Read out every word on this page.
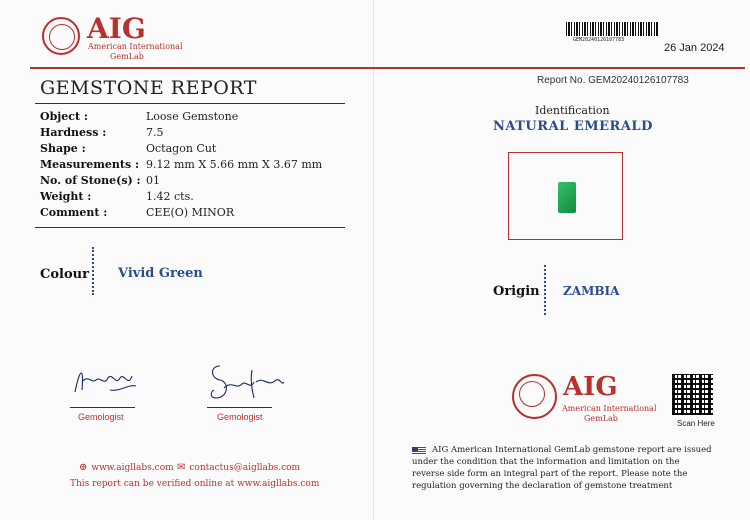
AIG
American International
GemLab
GEM20240126107783
26 Jan 2024
GEMSTONE REPORT
Object :	Loose Gemstone
Hardness :	7.5
Shape :	Octagon Cut
Measurements : 9.12 mm X 5.66 mm X 3.67 mm
No. of Stone(s) : 01
Weight :	1.42 cts.
Comment :	CEE(O) MINOR
Colour Vivid Green
Gemologist	Gemologist
⊕ www.aigllabs.com ✉ contactus@aigllabs.com
This report can be verified online at www.aigllabs.com
Report No. GEM20240126107783
Identification
NATURAL EMERALD
Origin ZAMBIA
AIG
American International
GemLab
Scan Here
AIG American International GemLab gemstone report are issued under the condition that the information and limitation on the reverse side form an integral part of the report. Please note the regulation governing the declaration of gemstone treatment
